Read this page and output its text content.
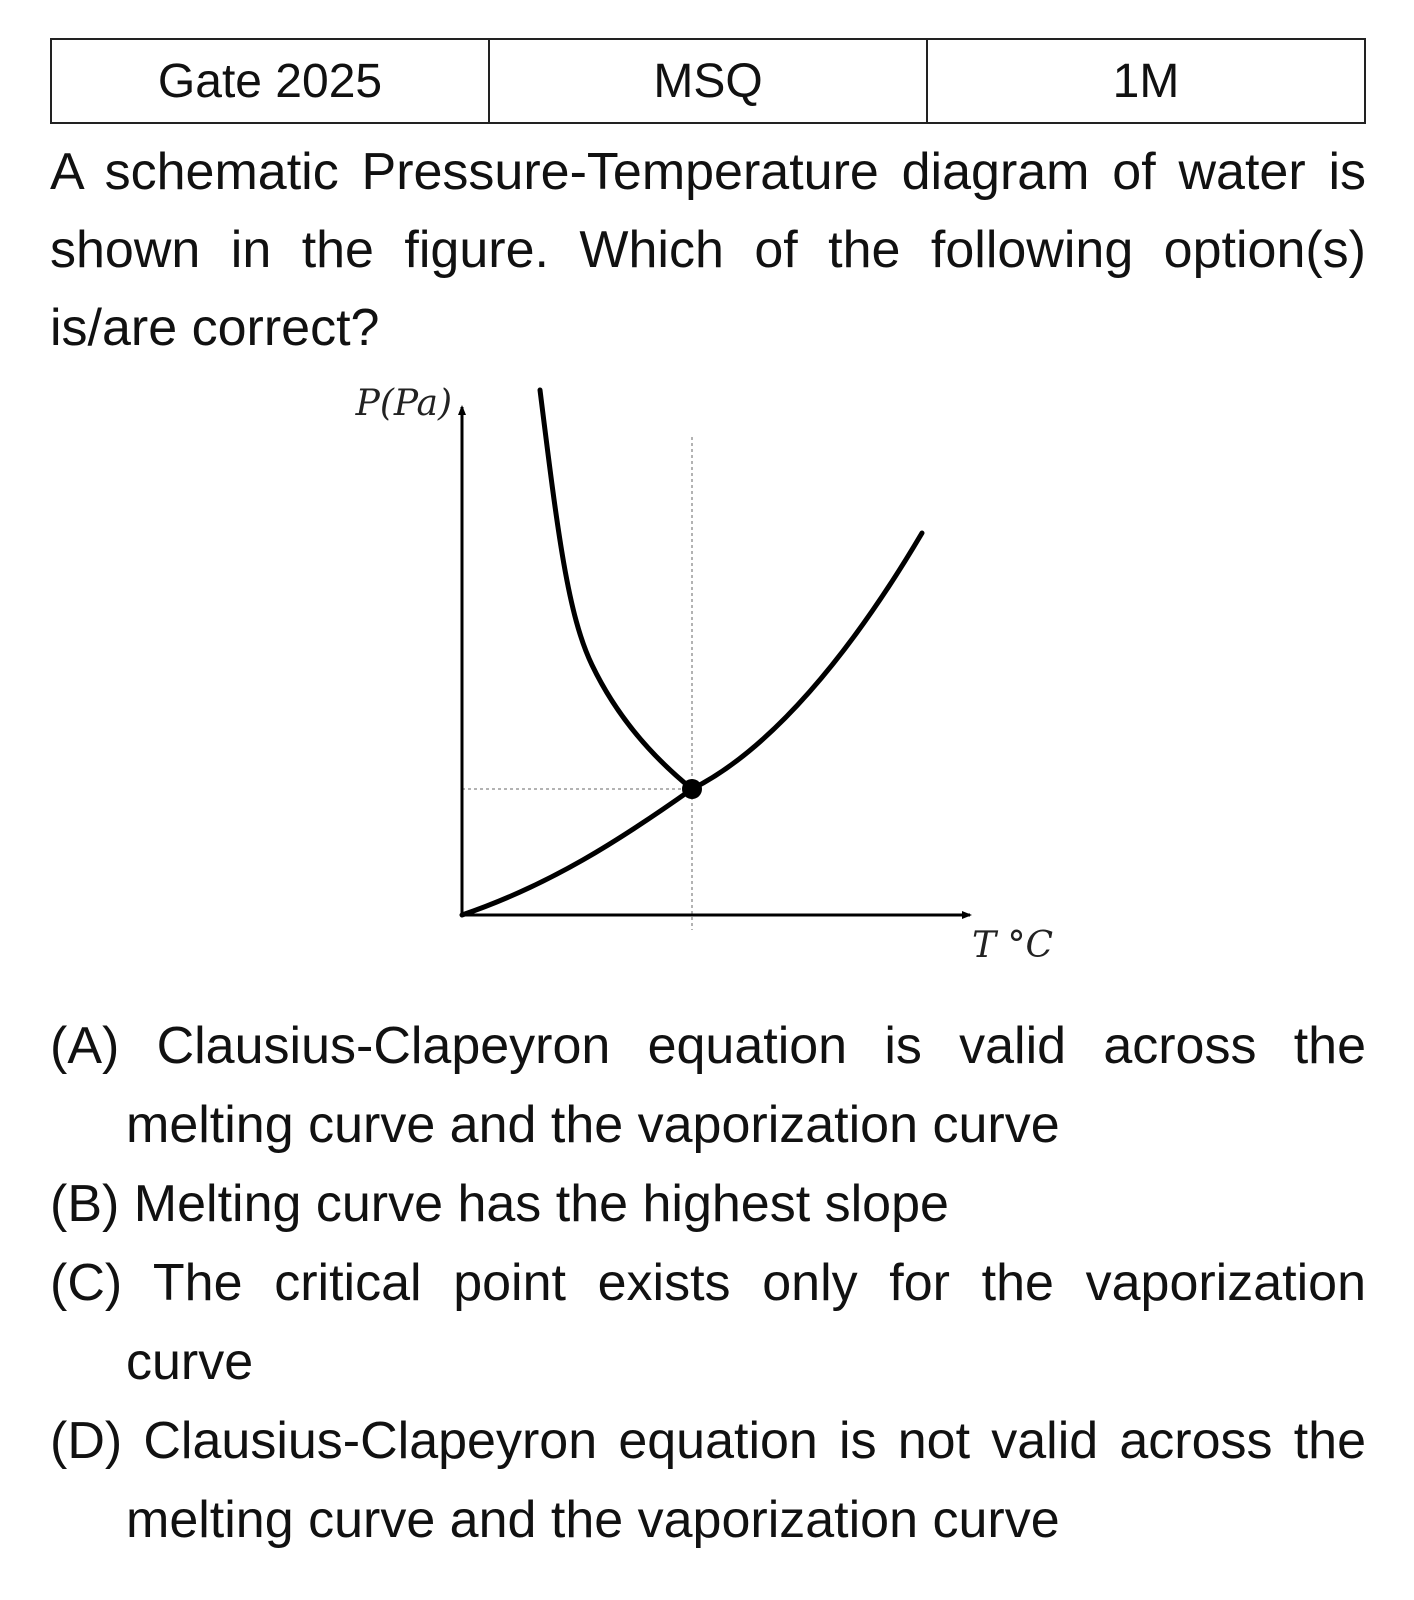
Gate 2025	MSQ	1M

A schematic Pressure-Temperature diagram of water is shown in the figure. Which of the following option(s) is/are correct?

P(Pa)
T °C
(A) Clausius-Clapeyron equation is valid across the melting curve and the vaporization curve
(B) Melting curve has the highest slope
(C) The critical point exists only for the vaporization curve
(D) Clausius-Clapeyron equation is not valid across the melting curve and the vaporization curve
